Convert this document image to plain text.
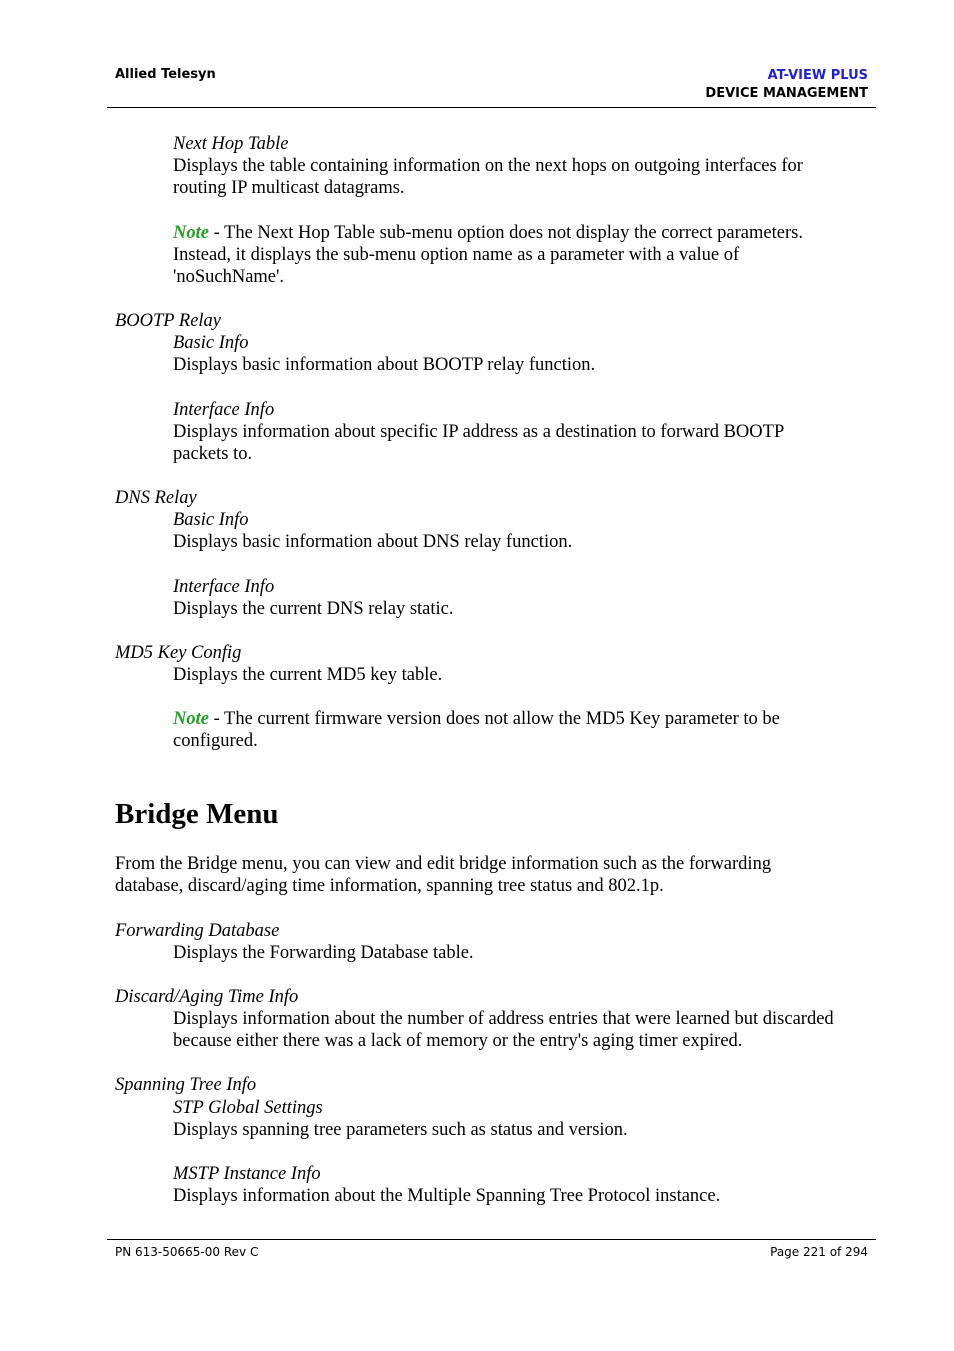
Allied Telesyn	AT-VIEW PLUS
DEVICE MANAGEMENT
Next Hop Table
Displays the table containing information on the next hops on outgoing interfaces for
routing IP multicast datagrams.
Note - The Next Hop Table sub-menu option does not display the correct parameters.
Instead, it displays the sub-menu option name as a parameter with a value of
'noSuchName'.
BOOTP Relay
Basic Info
Displays basic information about BOOTP relay function.
Interface Info
Displays information about specific IP address as a destination to forward BOOTP
packets to.
DNS Relay
Basic Info
Displays basic information about DNS relay function.
Interface Info
Displays the current DNS relay static.
MD5 Key Config
Displays the current MD5 key table.
Note - The current firmware version does not allow the MD5 Key parameter to be
configured.
Bridge Menu
From the Bridge menu, you can view and edit bridge information such as the forwarding
database, discard/aging time information, spanning tree status and 802.1p.
Forwarding Database
Displays the Forwarding Database table.
Discard/Aging Time Info
Displays information about the number of address entries that were learned but discarded
because either there was a lack of memory or the entry's aging timer expired.
Spanning Tree Info
STP Global Settings
Displays spanning tree parameters such as status and version.
MSTP Instance Info
Displays information about the Multiple Spanning Tree Protocol instance.
PN 613-50665-00 Rev C	Page 221 of 294
